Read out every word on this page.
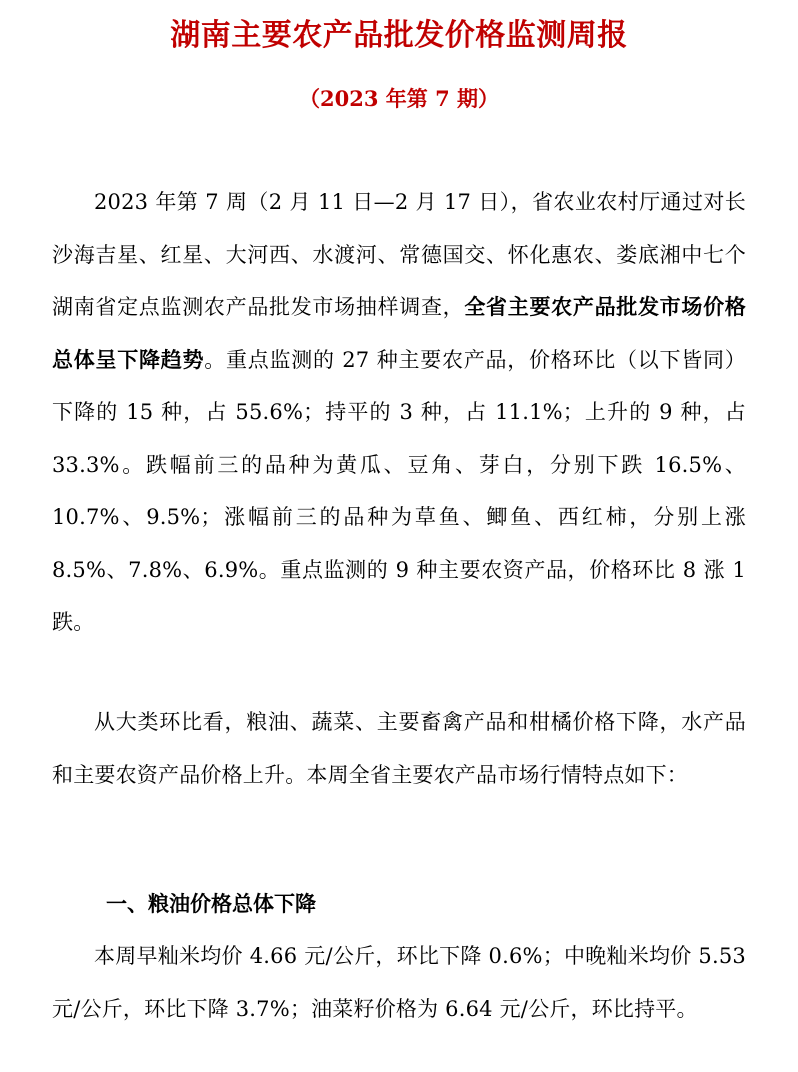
湖南主要农产品批发价格监测周报
（2023 年第 7 期）

2023 年第 7 周（2 月 11 日—2 月 17 日），省农业农村厅通过对长沙海吉星、红星、大河西、水渡河、常德国交、怀化惠农、娄底湘中七个湖南省定点监测农产品批发市场抽样调查，全省主要农产品批发市场价格总体呈下降趋势。重点监测的 27 种主要农产品，价格环比（以下皆同）下降的 15 种，占 55.6%；持平的 3 种，占 11.1%；上升的 9 种，占 33.3%。跌幅前三的品种为黄瓜、豆角、芽白，分别下跌 16.5%、10.7%、9.5%；涨幅前三的品种为草鱼、鲫鱼、西红柿，分别上涨 8.5%、7.8%、6.9%。重点监测的 9 种主要农资产品，价格环比 8 涨 1 跌。

从大类环比看，粮油、蔬菜、主要畜禽产品和柑橘价格下降，水产品和主要农资产品价格上升。本周全省主要农产品市场行情特点如下：

一、粮油价格总体下降

本周早籼米均价 4.66 元/公斤，环比下降 0.6%；中晚籼米均价 5.53 元/公斤，环比下降 3.7%；油菜籽价格为 6.64 元/公斤，环比持平。
